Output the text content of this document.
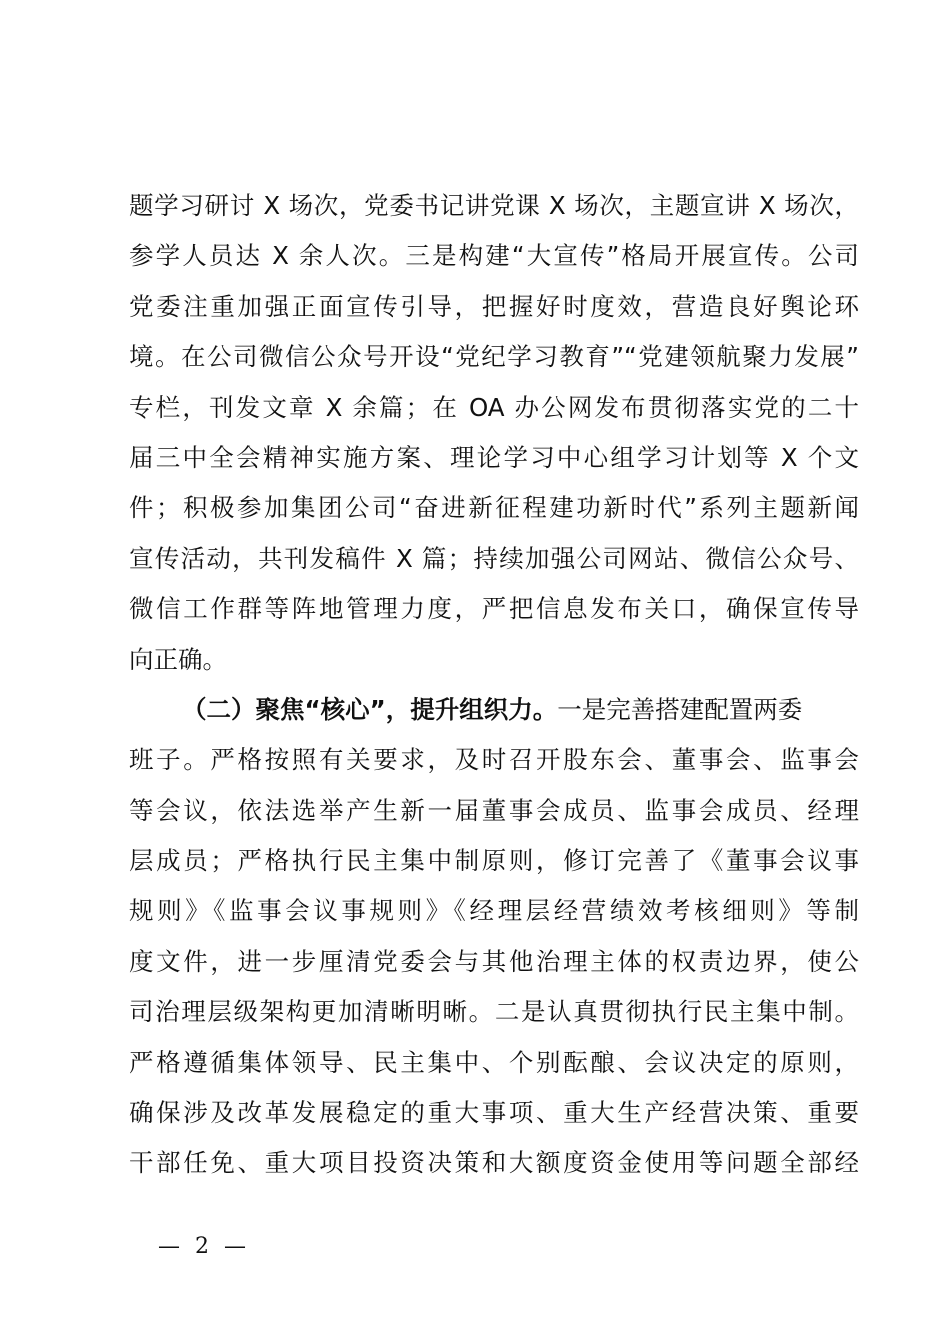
题学习研讨 X 场次，党委书记讲党课 X 场次，主题宣讲 X 场次，
参学人员达 X 余人次。三是构建“大宣传”格局开展宣传。公司
党委注重加强正面宣传引导，把握好时度效，营造良好舆论环
境。在公司微信公众号开设“党纪学习教育”“党建领航聚力发展”
专栏，刊发文章 X 余篇；在 OA 办公网发布贯彻落实党的二十
届三中全会精神实施方案、理论学习中心组学习计划等 X 个文
件；积极参加集团公司“奋进新征程建功新时代”系列主题新闻
宣传活动，共刊发稿件 X 篇；持续加强公司网站、微信公众号、
微信工作群等阵地管理力度，严把信息发布关口，确保宣传导
向正确。
（二）聚焦“核心”，提升组织力。一是完善搭建配置两委
班子。严格按照有关要求，及时召开股东会、董事会、监事会
等会议，依法选举产生新一届董事会成员、监事会成员、经理
层成员；严格执行民主集中制原则，修订完善了《董事会议事
规则》《监事会议事规则》《经理层经营绩效考核细则》等制
度文件，进一步厘清党委会与其他治理主体的权责边界，使公
司治理层级架构更加清晰明晰。二是认真贯彻执行民主集中制。
严格遵循集体领导、民主集中、个别酝酿、会议决定的原则，
确保涉及改革发展稳定的重大事项、重大生产经营决策、重要
干部任免、重大项目投资决策和大额度资金使用等问题全部经
— 2 —
